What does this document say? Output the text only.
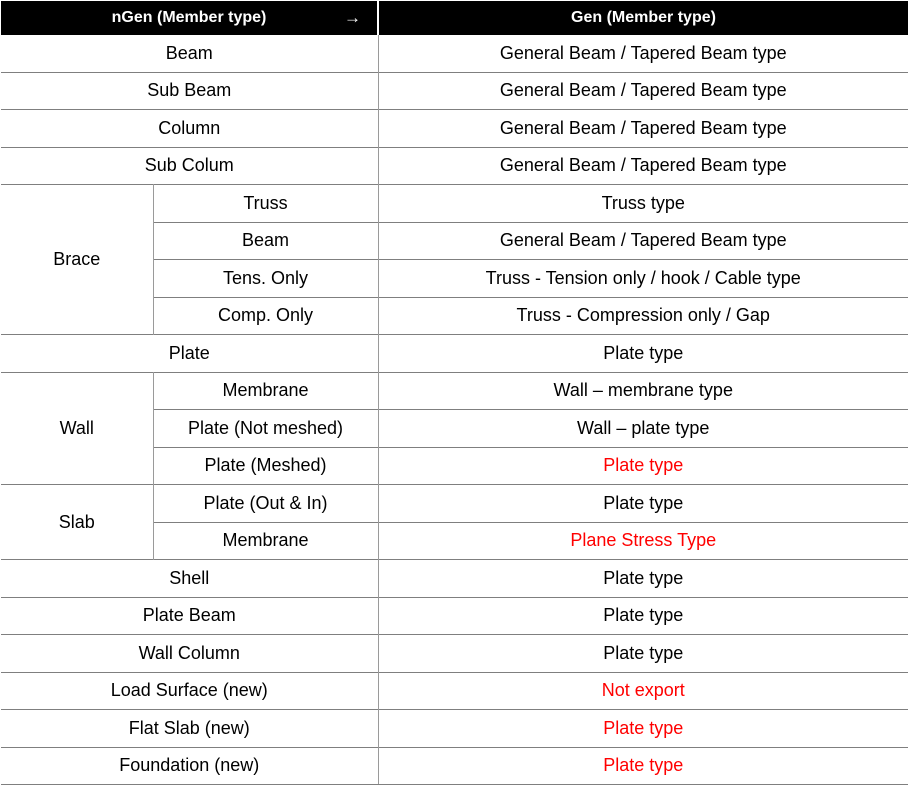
nGen (Member type) →		Gen (Member type)
Beam		General Beam / Tapered Beam type
Sub Beam		General Beam / Tapered Beam type
Column		General Beam / Tapered Beam type
Sub Colum		General Beam / Tapered Beam type
Brace	Truss	Truss type
	Beam	General Beam / Tapered Beam type
	Tens. Only	Truss - Tension only / hook / Cable type
	Comp. Only	Truss - Compression only / Gap
Plate		Plate type
Wall	Membrane	Wall – membrane type
	Plate (Not meshed)	Wall – plate type
	Plate (Meshed)	Plate type
Slab	Plate (Out & In)	Plate type
	Membrane	Plane Stress Type
Shell		Plate type
Plate Beam		Plate type
Wall Column		Plate type
Load Surface (new)		Not export
Flat Slab (new)		Plate type
Foundation (new)		Plate type
